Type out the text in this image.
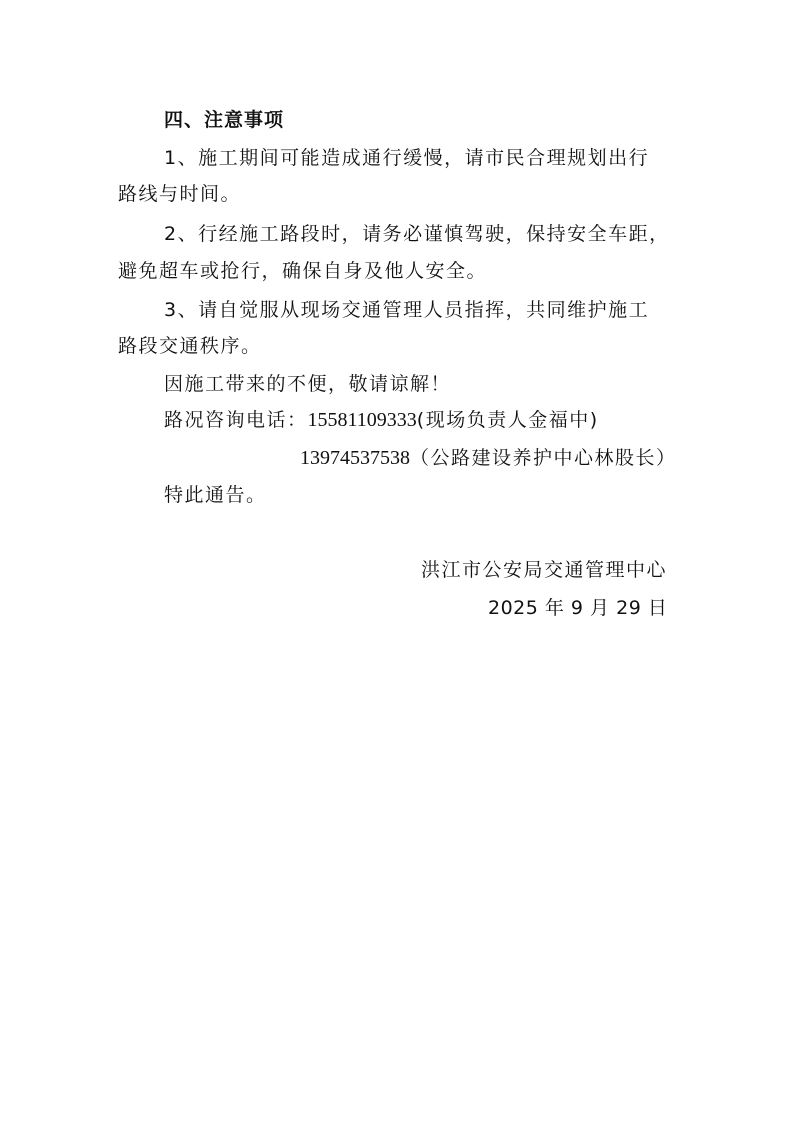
四、注意事项
1、施工期间可能造成通行缓慢，请市民合理规划出行
路线与时间。
2、行经施工路段时，请务必谨慎驾驶，保持安全车距，
避免超车或抢行，确保自身及他人安全。
3、请自觉服从现场交通管理人员指挥，共同维护施工
路段交通秩序。
因施工带来的不便，敬请谅解！
路况咨询电话：15581109333(现场负责人金福中)
13974537538（公路建设养护中心林股长）
特此通告。
洪江市公安局交通管理中心
2025 年 9 月 29 日
